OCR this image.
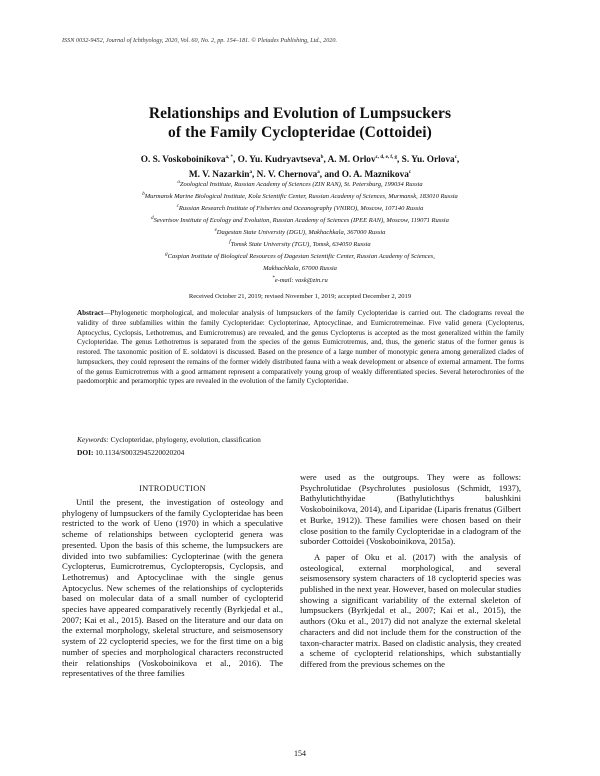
ISSN 0032-9452, Journal of Ichthyology, 2020, Vol. 60, No. 2, pp. 154–181. © Pleiades Publishing, Ltd., 2020.
Relationships and Evolution of Lumpsuckers
of the Family Cyclopteridae (Cottoidei)
O. S. Voskoboinikova$^{a, *}$, O. Yu. Kudryavtseva$^b$, A. M. Orlov$^{c, d, e, f, g}$, S. Yu. Orlova$^c$,
M. V. Nazarkin$^a$, N. V. Chernova$^a$, and O. A. Maznikova$^c$
$^a$Zoological Institute, Russian Academy of Sciences (ZIN RAN), St. Petersburg, 199034 Russia
$^b$Murmansk Marine Biological Institute, Kola Scientific Center, Russian Academy of Sciences, Murmansk, 183010 Russia
$^c$Russian Research Institute of Fisheries and Oceanography (VNIRO), Moscow, 107140 Russia
$^d$Severtsov Institute of Ecology and Evolution, Russian Academy of Sciences (IPEE RAN), Moscow, 119071 Russia
$^e$Dagestan State University (DGU), Makhachkala, 367000 Russia
$^f$Tomsk State University (TGU), Tomsk, 634050 Russia
$^g$Caspian Institute of Biological Resources of Dagestan Scientific Center, Russian Academy of Sciences,
Makhachkala, 67000 Russia
*e-mail: vask@zin.ru
Received October 21, 2019; revised November 1, 2019; accepted December 2, 2019
Abstract—Phylogenetic morphological, and molecular analysis of lumpsuckers of the family Cyclopteridae is carried out. The cladograms reveal the validity of three subfamilies within the family Cyclopteridae: Cyclopterinae, Aptocyclinae, and Eumicrotremeinae. Five valid genera (Cyclopterus, Aptocyclus, Cyclopsis, Lethotremus, and Eumicrotremus) are revealed, and the genus Cyclopterus is accepted as the most generalized within the family Cyclopteridae. The genus Lethotremus is separated from the species of the genus Eumicrotremus, and, thus, the generic status of the former genus is restored. The taxonomic position of E. soldatovi is discussed. Based on the presence of a large number of monotypic genera among generalized clades of lumpsuckers, they could represent the remains of the former widely distributed fauna with a weak development or absence of external armament. The forms of the genus Eumicrotremus with a good armament represent a comparatively young group of weakly differentiated species. Several heterochronies of the paedomorphic and peramorphic types are revealed in the evolution of the family Cyclopteridae.
Keywords: Cyclopteridae, phylogeny, evolution, classification
DOI: 10.1134/S0032945220020204
INTRODUCTION

Until the present, the investigation of osteology and phylogeny of lumpsuckers of the family Cyclopteridae has been restricted to the work of Ueno (1970) in which a speculative scheme of relationships between cyclopterid genera was presented. Upon the basis of this scheme, the lumpsuckers are divided into two subfamilies: Cyclopterinae (with the genera Cyclopterus, Eumicrotremus, Cyclopteropsis, Cyclopsis, and Lethotremus) and Aptocyclinae with the single genus Aptocyclus. New schemes of the relationships of cyclopterids based on molecular data of a small number of cyclopterid species have appeared comparatively recently (Byrkjedal et al., 2007; Kai et al., 2015). Based on the literature and our data on the external morphology, skeletal structure, and seismosensory system of 22 cyclopterid species, we for the first time on a big number of species and morphological characters reconstructed their relationships (Voskoboinikova et al., 2016). The representatives of the three families

were used as the outgroups. They were as follows: Psychrolutidae (Psychrolutes pusiolosus (Schmidt, 1937), Bathylutichthyidae (Bathylutichthys balushkini Voskoboinikova, 2014), and Liparidae (Liparis frenatus (Gilbert et Burke, 1912)). These families were chosen based on their close position to the family Cyclopteridae in a cladogram of the suborder Cottoidei (Voskoboinikova, 2015a).

A paper of Oku et al. (2017) with the analysis of osteological, external morphological, and several seismosensory system characters of 18 cyclopterid species was published in the next year. However, based on molecular studies showing a significant variability of the external skeleton of lumpsuckers (Byrkjedal et al., 2007; Kai et al., 2015), the authors (Oku et al., 2017) did not analyze the external skeletal characters and did not include them for the construction of the taxon-character matrix. Based on cladistic analysis, they created a scheme of cyclopterid relationships, which substantially differed from the previous schemes on the

154
